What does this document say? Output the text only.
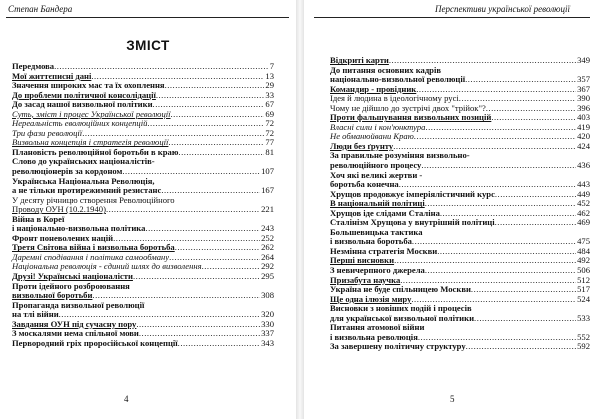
Степан Бандера
ЗМІСТ
Передмова .....	7
Мої життєписні дані .....	13
Значення широких мас та їх охоплення .....	29
До проблеми політичної консолідації .....	33
До засад нашої визвольної політики .....	67
Суть, зміст і процес Української революції .....	69
Нереальність еволюційних концепцій .....	72
Три фази революції .....	72
Визвольна концепція і стратегія революції .....	77
Плановість революційної боротьби в краю .....	81
Слово до українських націоналістів-
революціонерів за кордоном .....	107
Українська Національна Революція,
а не тільки протирежимний резистанс .....	167
У десяту річницю створення Революційного
Проводу ОУН (10.2.1940) .....	221
Війна в Кореї
і національно-визвольна політика .....	243
Фронт поневолених націй .....	252
Третя Світова війна і визвольна боротьба .....	262
Даремні сподівання і політика самообману .....	264
Національна революція - єдиний шлях до визволення .....	292
Друзі! Українські націоналісти .....	295
Проти ідейного розброювання
визвольної боротьби .....	308
Пропаганда визвольної революції
на тлі війни .....	320
Завдання ОУН під сучасну пору .....	330
З москалями нема спільної мови .....	337
Первородний гріх проросійської концепції .....	343
4
Перспективи української революції
Відкриті карти .....	349
До питання основних кадрів
національно-визвольної революції .....	357
Командир - провідник .....	367
Ідея й людина в ідеологічному русі .....	390
Чому не дійшло до зустрічі двох "трійок"? .....	396
Проти фальшування визвольних позицій .....	403
Власні сили і кон'юнктура .....	419
Не обманюйвани Краю .....	420
Люди без ґрунту .....	424
За правильне розуміння визвольно-
революційного процесу .....	436
Хоч які великі жертви -
боротьба конечна .....	443
Хрущов продовжує імперіялістичний курс .....	449
В національній політиці .....	452
Хрущов іде слідами Сталіна .....	462
Сталінізм Хрущова у внутрішній політиці .....	469
Большевицька тактика
і визвольна боротьба .....	475
Незмінна стратегія Москви .....	484
Перші висновки .....	492
З невичерпного джерела .....	506
Призабута научка .....	512
Україна не буде спільницею Москви .....	517
Ще одна ілюзія миру .....	524
Висновки з новіших подій і процесів
для української визвольної політики .....	533
Питання атомової війни
і визвольна революція .....	552
За завершену політичну структуру .....	592
5
